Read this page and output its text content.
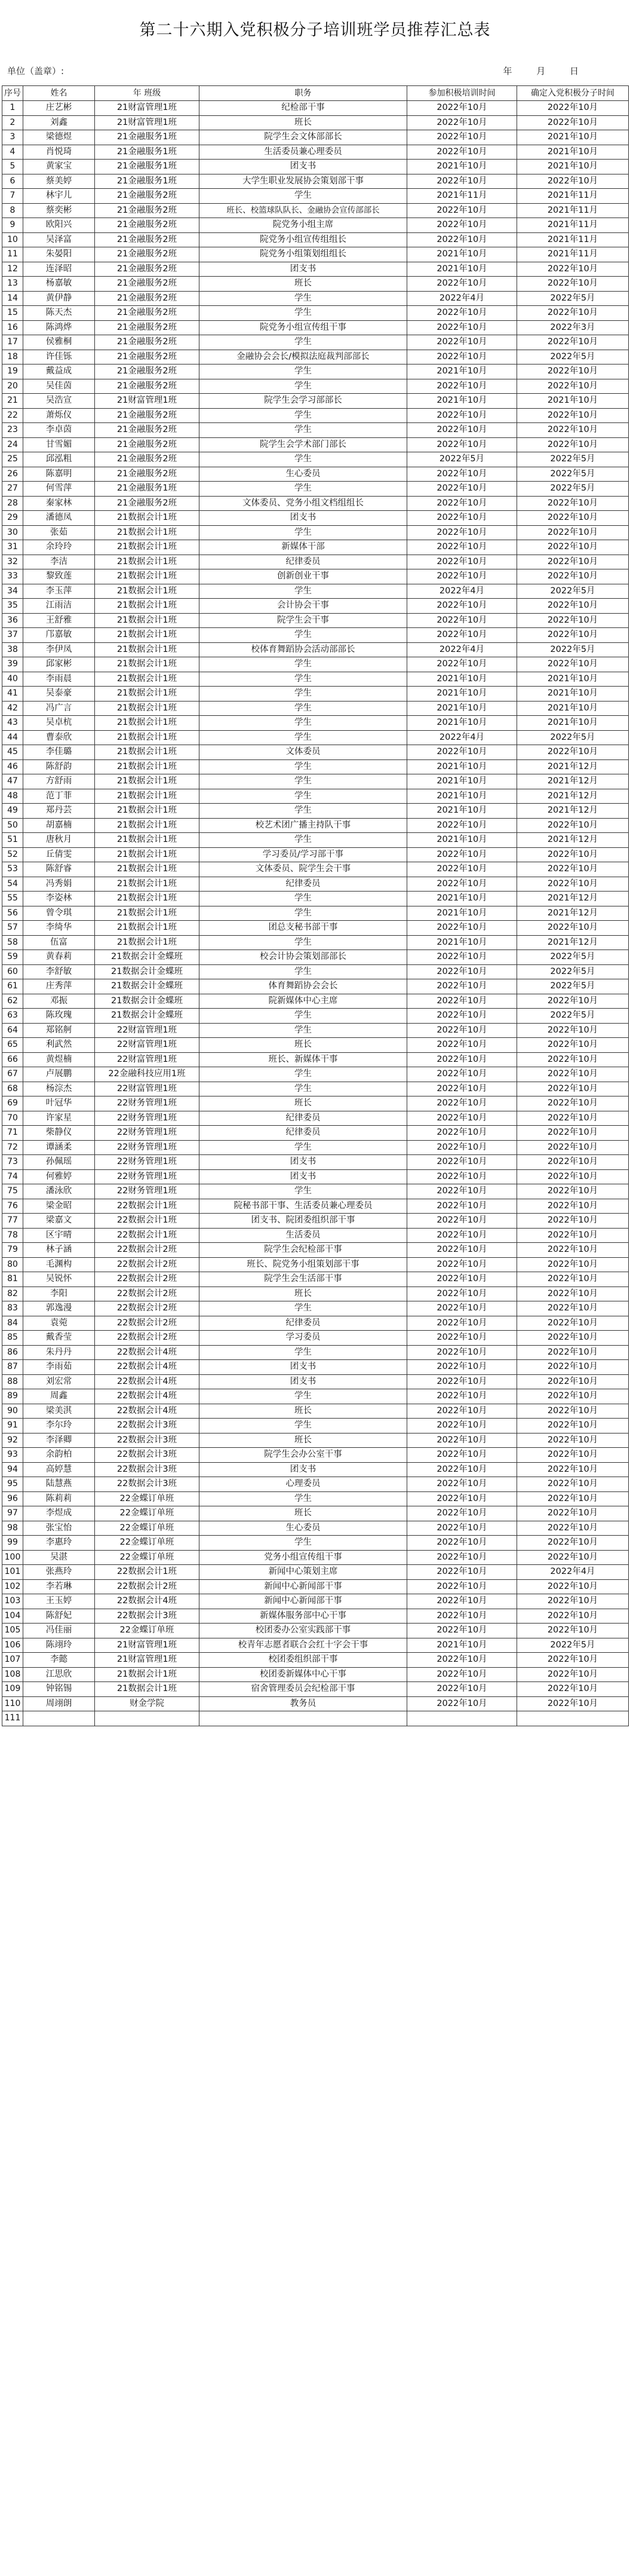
第二十六期入党积极分子培训班学员推荐汇总表
单位（盖章）:	年 月 日
序号	姓名	年 班级	职务	参加积极培训时间	确定入党积极分子时间
1	庄艺彬	21财富管理1班	纪检部干事	2022年10月	2022年10月
2	刘鑫	21财富管理1班	班长	2022年10月	2022年10月
3	梁德煜	21金融服务1班	院学生会文体部部长	2022年10月	2021年10月
4	肖悦琦	21金融服务1班	生活委员兼心理委员	2022年10月	2021年10月
5	黄家宝	21金融服务1班	团支书	2021年10月	2021年10月
6	蔡美婷	21金融服务1班	大学生职业发展协会策划部干事	2022年10月	2022年10月
7	林宇儿	21金融服务2班	学生	2021年11月	2021年11月
8	蔡奕彬	21金融服务2班	班长、校篮球队队长、金融协会宣传部部长	2022年10月	2021年11月
9	欧阳兴	21金融服务2班	院党务小组主席	2022年10月	2021年11月
10	吴泽富	21金融服务2班	院党务小组宣传组组长	2022年10月	2021年11月
11	朱晏阳	21金融服务2班	院党务小组策划组组长	2021年10月	2021年11月
12	连泽昭	21金融服务2班	团支书	2021年10月	2022年10月
13	杨嘉敏	21金融服务2班	班长	2022年10月	2022年10月
14	黄伊静	21金融服务2班	学生	2022年4月	2022年5月
15	陈天杰	21金融服务2班	学生	2022年10月	2022年10月
16	陈鸿烨	21金融服务2班	院党务小组宣传组干事	2022年10月	2022年3月
17	侯雅桐	21金融服务2班	学生	2022年10月	2022年10月
18	许佳铄	21金融服务2班	金融协会会长/模拟法庭裁判部部长	2022年10月	2022年5月
19	戴益成	21金融服务2班	学生	2021年10月	2022年10月
20	吴佳茵	21金融服务2班	学生	2022年10月	2022年10月
21	吴浩宣	21财富管理1班	院学生会学习部部长	2021年10月	2021年10月
22	萧烁仪	21金融服务2班	学生	2022年10月	2022年10月
23	李卓茵	21金融服务2班	学生	2022年10月	2022年10月
24	甘雪媚	21金融服务2班	院学生会学术部门部长	2022年10月	2022年10月
25	邱泓粗	21金融服务2班	学生	2022年5月	2022年5月
26	陈嘉明	21金融服务2班	生心委员	2022年10月	2022年5月
27	何雪萍	21金融服务1班	学生	2022年10月	2022年5月
28	秦家林	21金融服务2班	文体委员、党务小组文档组组长	2022年10月	2022年10月
29	潘德凤	21数据会计1班	团支书	2022年10月	2022年10月
30	张茹	21数据会计1班	学生	2022年10月	2022年10月
31	余玲玲	21数据会计1班	新媒体干部	2022年10月	2022年10月
32	李洁	21数据会计1班	纪律委员	2022年10月	2022年10月
33	黎致莲	21数据会计1班	创新创业干事	2022年10月	2022年10月
34	李玉萍	21数据会计1班	学生	2022年4月	2022年5月
35	江雨洁	21数据会计1班	会计协会干事	2022年10月	2022年10月
36	王舒雅	21数据会计1班	院学生会干事	2022年10月	2022年10月
37	邝嘉敏	21数据会计1班	学生	2022年10月	2022年10月
38	李伊凤	21数据会计1班	校体育舞蹈协会活动部部长	2022年4月	2022年5月
39	邱家彬	21数据会计1班	学生	2022年10月	2022年10月
40	李雨晨	21数据会计1班	学生	2021年10月	2021年10月
41	吴泰豪	21数据会计1班	学生	2021年10月	2021年10月
42	冯广言	21数据会计1班	学生	2021年10月	2021年10月
43	吴卓杭	21数据会计1班	学生	2021年10月	2021年10月
44	曹泰欣	21数据会计1班	学生	2022年4月	2022年5月
45	李佳璐	21数据会计1班	文体委员	2022年10月	2022年10月
46	陈舒韵	21数据会计1班	学生	2021年10月	2021年12月
47	方舒雨	21数据会计1班	学生	2021年10月	2021年12月
48	范丁菲	21数据会计1班	学生	2021年10月	2021年12月
49	郑丹芸	21数据会计1班	学生	2021年10月	2021年12月
50	胡嘉楠	21数据会计1班	校艺术团广播主持队干事	2022年10月	2022年10月
51	唐秋月	21数据会计1班	学生	2021年10月	2021年12月
52	丘倩雯	21数据会计1班	学习委员/学习部干事	2022年10月	2022年10月
53	陈舒睿	21数据会计1班	文体委员、院学生会干事	2022年10月	2022年10月
54	冯秀娟	21数据会计1班	纪律委员	2022年10月	2022年10月
55	李姿林	21数据会计1班	学生	2021年10月	2021年12月
56	曾令琪	21数据会计1班	学生	2021年10月	2021年12月
57	李绮华	21数据会计1班	团总支秘书部干事	2022年10月	2022年10月
58	伍富	21数据会计1班	学生	2021年10月	2021年12月
59	黄春莉	21数据会计金蝶班	校会计协会策划部部长	2022年10月	2022年5月
60	李舒敏	21数据会计金蝶班	学生	2022年10月	2022年5月
61	庄秀萍	21数据会计金蝶班	体育舞蹈协会会长	2022年10月	2022年5月
62	邓振	21数据会计金蝶班	院新媒体中心主席	2022年10月	2022年10月
63	陈玫瑰	21数据会计金蝶班	学生	2022年10月	2022年5月
64	郑铭舸	22财富管理1班	学生	2022年10月	2022年10月
65	利武然	22财富管理1班	班长	2022年10月	2022年10月
66	黄煜楠	22财富管理1班	班长、新媒体干事	2022年10月	2022年10月
67	卢展鹏	22金融科技应用1班	学生	2022年10月	2022年10月
68	杨淙杰	22财富管理1班	学生	2022年10月	2022年10月
69	叶冠华	22财务管理1班	班长	2022年10月	2022年10月
70	许家星	22财务管理1班	纪律委员	2022年10月	2022年10月
71	柴静仪	22财务管理1班	纪律委员	2022年10月	2022年10月
72	谭涵柔	22财务管理1班	学生	2022年10月	2022年10月
73	孙佩瑶	22财务管理1班	团支书	2022年10月	2022年10月
74	何雅婷	22财务管理1班	团支书	2022年10月	2022年10月
75	潘泳欣	22财务管理1班	学生	2022年10月	2022年10月
76	梁金昭	22数据会计1班	院秘书部干事、生活委员兼心理委员	2022年10月	2022年10月
77	梁嘉文	22数据会计1班	团支书、院团委组织部干事	2022年10月	2022年10月
78	区宇晴	22数据会计1班	生活委员	2022年10月	2022年10月
79	林子涵	22数据会计2班	院学生会纪检部干事	2022年10月	2022年10月
80	毛渊构	22数据会计2班	班长、院党务小组策划部干事	2022年10月	2022年10月
81	吴锐怀	22数据会计2班	院学生会生活部干事	2022年10月	2022年10月
82	李阳	22数据会计2班	班长	2022年10月	2022年10月
83	郭逸漫	22数据会计2班	学生	2022年10月	2022年10月
84	袁菀	22数据会计2班	纪律委员	2022年10月	2022年10月
85	戴香莹	22数据会计2班	学习委员	2022年10月	2022年10月
86	朱丹丹	22数据会计4班	学生	2022年10月	2022年10月
87	李雨茹	22数据会计4班	团支书	2022年10月	2022年10月
88	刘宏常	22数据会计4班	团支书	2022年10月	2022年10月
89	周鑫	22数据会计4班	学生	2022年10月	2022年10月
90	梁美淇	22数据会计4班	班长	2022年10月	2022年10月
91	李尔玲	22数据会计3班	学生	2022年10月	2022年10月
92	李泽卿	22数据会计3班	班长	2022年10月	2022年10月
93	余韵柏	22数据会计3班	院学生会办公室干事	2022年10月	2022年10月
94	高婷慧	22数据会计3班	团支书	2022年10月	2022年10月
95	陆慧燕	22数据会计3班	心理委员	2022年10月	2022年10月
96	陈莉莉	22金蝶订单班	学生	2022年10月	2022年10月
97	李煜成	22金蝶订单班	班长	2022年10月	2022年10月
98	张宝怡	22金蝶订单班	生心委员	2022年10月	2022年10月
99	李惠玲	22金蝶订单班	学生	2022年10月	2022年10月
100	吴湛	22金蝶订单班	党务小组宣传组干事	2022年10月	2022年10月
101	张燕玲	22数据会计1班	新闻中心策划主席	2022年10月	2022年4月
102	李若琳	22数据会计2班	新闻中心新闻部干事	2022年10月	2022年10月
103	王玉婷	22数据会计4班	新闻中心新闻部干事	2022年10月	2022年10月
104	陈舒妃	22数据会计3班	新媒体服务部中心干事	2022年10月	2022年10月
105	冯佳丽	22金蝶订单班	校团委办公室实践部干事	2022年10月	2022年10月
106	陈翊玲	21财富管理1班	校青年志愿者联合会红十字会干事	2021年10月	2022年5月
107	李懿	21财富管理1班	校团委组织部干事	2022年10月	2022年10月
108	江思欣	21数据会计1班	校团委新媒体中心干事	2022年10月	2022年10月
109	钟铭锡	21数据会计1班	宿舍管理委员会纪检部干事	2022年10月	2022年10月
110	周翊朗	财金学院	教务员	2022年10月	2022年10月
111					
